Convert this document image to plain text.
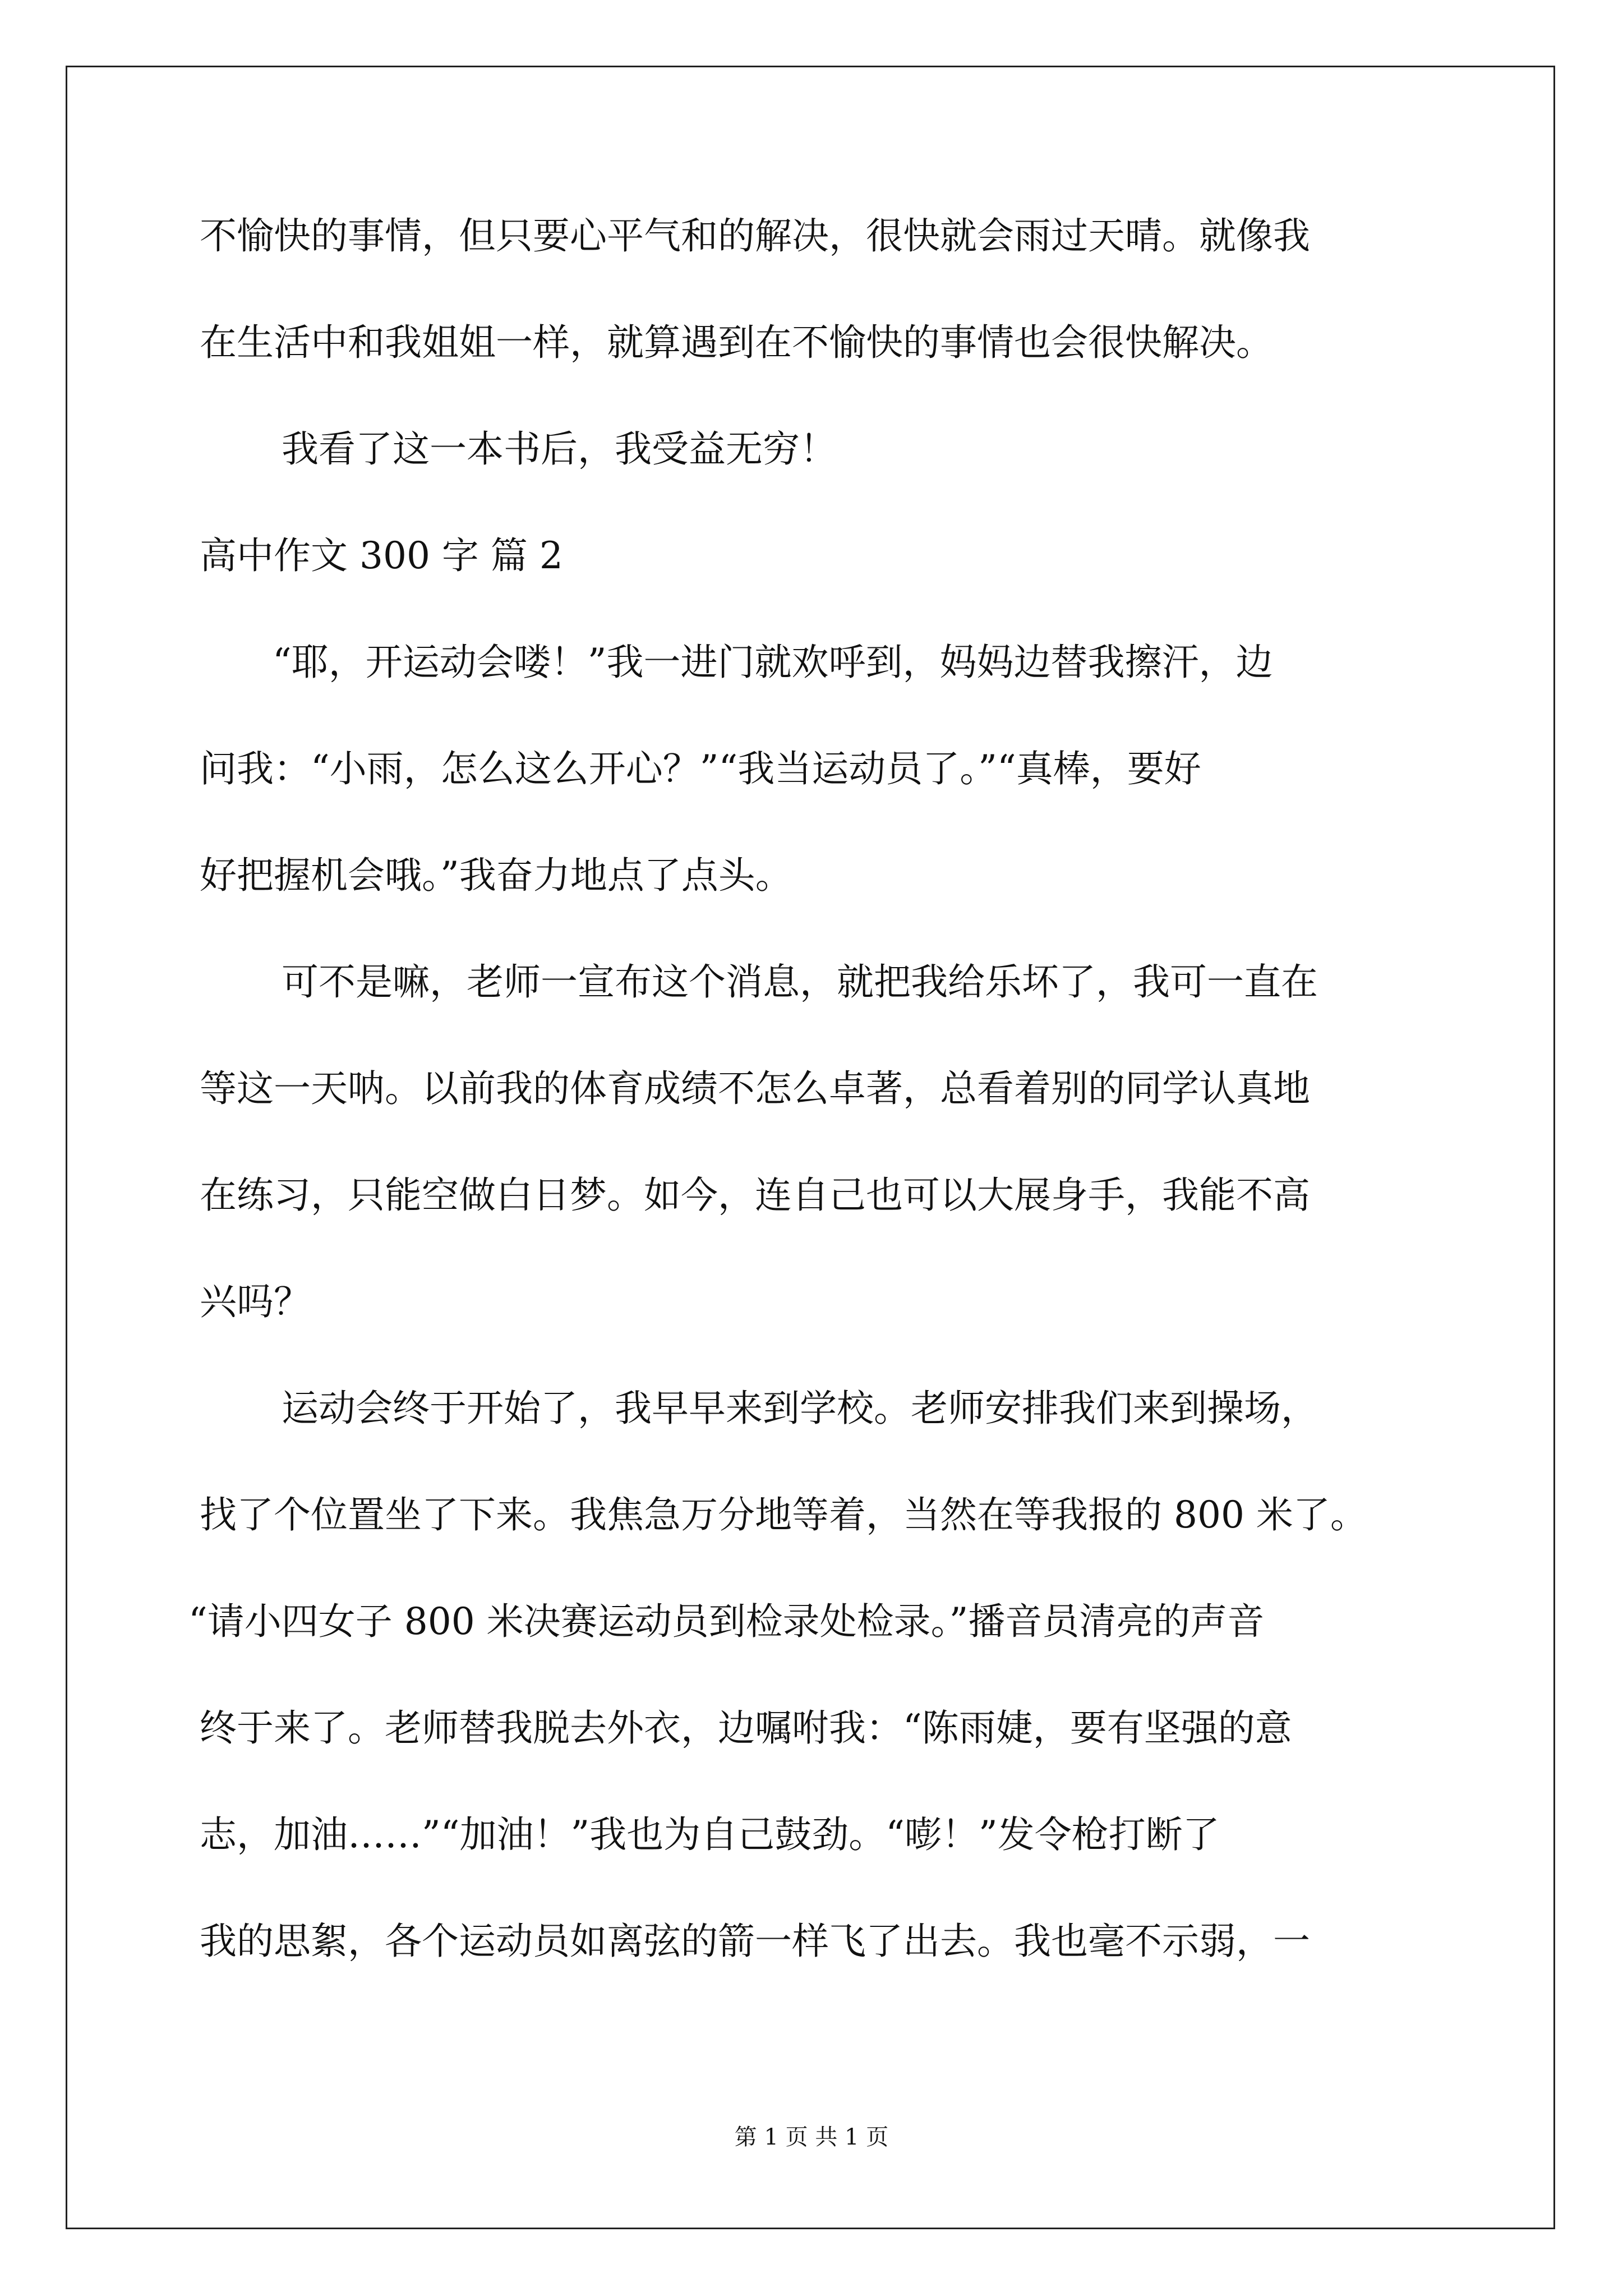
不愉快的事情，但只要心平气和的解决，很快就会雨过天晴。就像我
在生活中和我姐姐一样，就算遇到在不愉快的事情也会很快解决。
我看了这一本书后，我受益无穷！
高中作文 300 字 篇 2
“耶，开运动会喽！”我一进门就欢呼到，妈妈边替我擦汗，边
问我：“小雨，怎么这么开心？”“我当运动员了。”“真棒，要好
好把握机会哦。”我奋力地点了点头。
可不是嘛，老师一宣布这个消息，就把我给乐坏了，我可一直在
等这一天呐。以前我的体育成绩不怎么卓著，总看着别的同学认真地
在练习，只能空做白日梦。如今，连自己也可以大展身手，我能不高
兴吗？
运动会终于开始了，我早早来到学校。老师安排我们来到操场，
找了个位置坐了下来。我焦急万分地等着，当然在等我报的 800 米了。
“请小四女子 800 米决赛运动员到检录处检录。”播音员清亮的声音
终于来了。老师替我脱去外衣，边嘱咐我：“陈雨婕，要有坚强的意
志，加油……”“加油！”我也为自己鼓劲。“嘭！”发令枪打断了
我的思絮，各个运动员如离弦的箭一样飞了出去。我也毫不示弱，一
第 1 页 共 1 页
